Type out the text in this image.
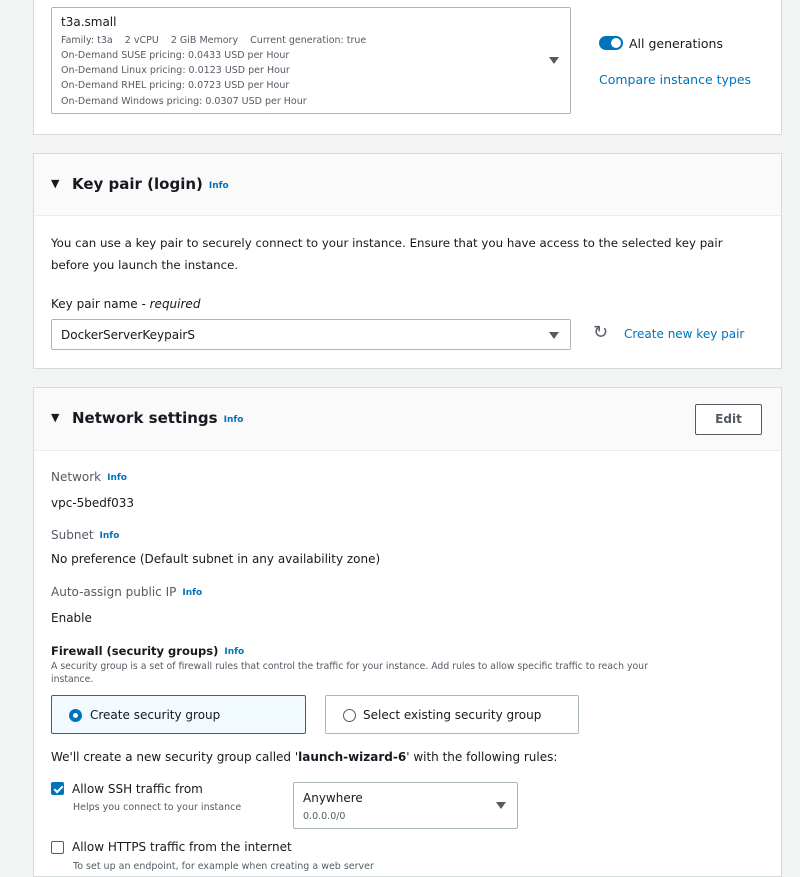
t3a.small
Family: t3a    2 vCPU    2 GiB Memory    Current generation: true
On-Demand SUSE pricing: 0.0433 USD per Hour
On-Demand Linux pricing: 0.0123 USD per Hour
On-Demand RHEL pricing: 0.0723 USD per Hour
On-Demand Windows pricing: 0.0307 USD per Hour
All generations
Compare instance types
▼ Key pair (login) Info
You can use a key pair to securely connect to your instance. Ensure that you have access to the selected key pair
before you launch the instance.
Key pair name - required
DockerServerKeypairS	↻ Create new key pair
▼ Network settings Info	Edit
Network Info
vpc-5bedf033
Subnet Info
No preference (Default subnet in any availability zone)
Auto-assign public IP Info
Enable
Firewall (security groups) Info
A security group is a set of firewall rules that control the traffic for your instance. Add rules to allow specific traffic to reach your
instance.
Create security group	Select existing security group
We'll create a new security group called 'launch-wizard-6' with the following rules:
Allow SSH traffic from
Helps you connect to your instance
Anywhere
0.0.0.0/0
Allow HTTPS traffic from the internet
To set up an endpoint, for example when creating a web server
